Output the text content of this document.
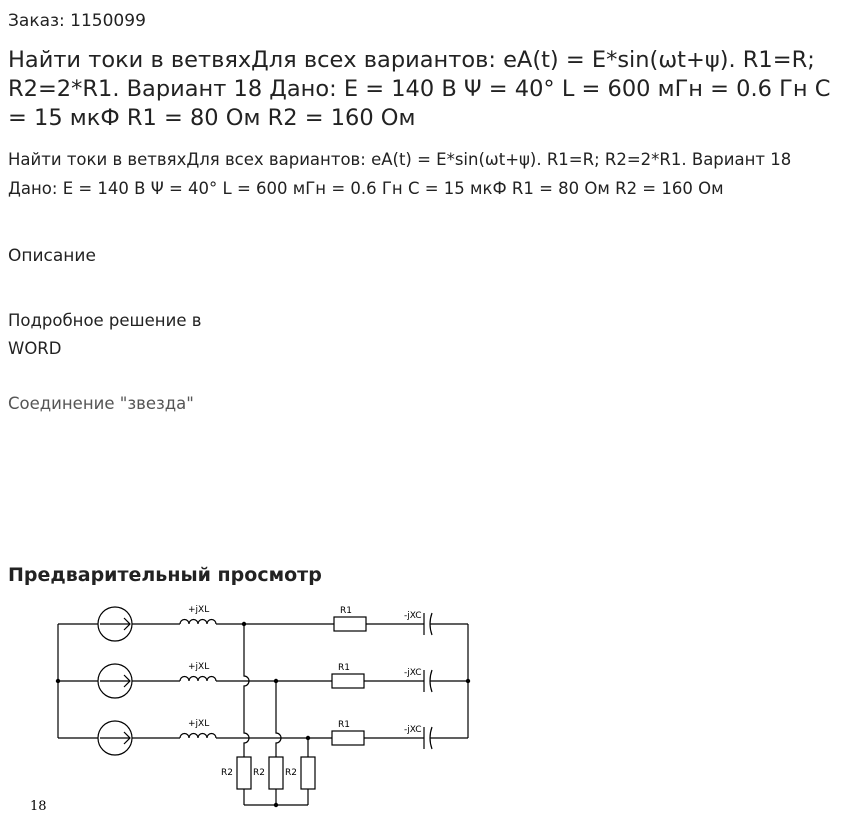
Заказ: 1150099
Найти токи в ветвяхДля всех вариантов: eA(t) = E*sin(ωt+ψ). R1=R; R2=2*R1. Вариант 18 Дано: E = 140 В Ψ = 40° L = 600 мГн = 0.6 Гн C = 15 мкФ R1 = 80 Ом R2 = 160 Ом
Найти токи в ветвяхДля всех вариантов: eA(t) = E*sin(ωt+ψ). R1=R; R2=2*R1. Вариант 18 Дано: E = 140 В Ψ = 40° L = 600 мГн = 0.6 Гн C = 15 мкФ R1 = 80 Ом R2 = 160 Ом
Описание
Подробное решение в WORD
Соединение "звезда"
Предварительный просмотр
+jXL
+jXL
+jXL
R1
R1
R1
-jXC
-jXC
-jXC
R2 R2 R2
18
